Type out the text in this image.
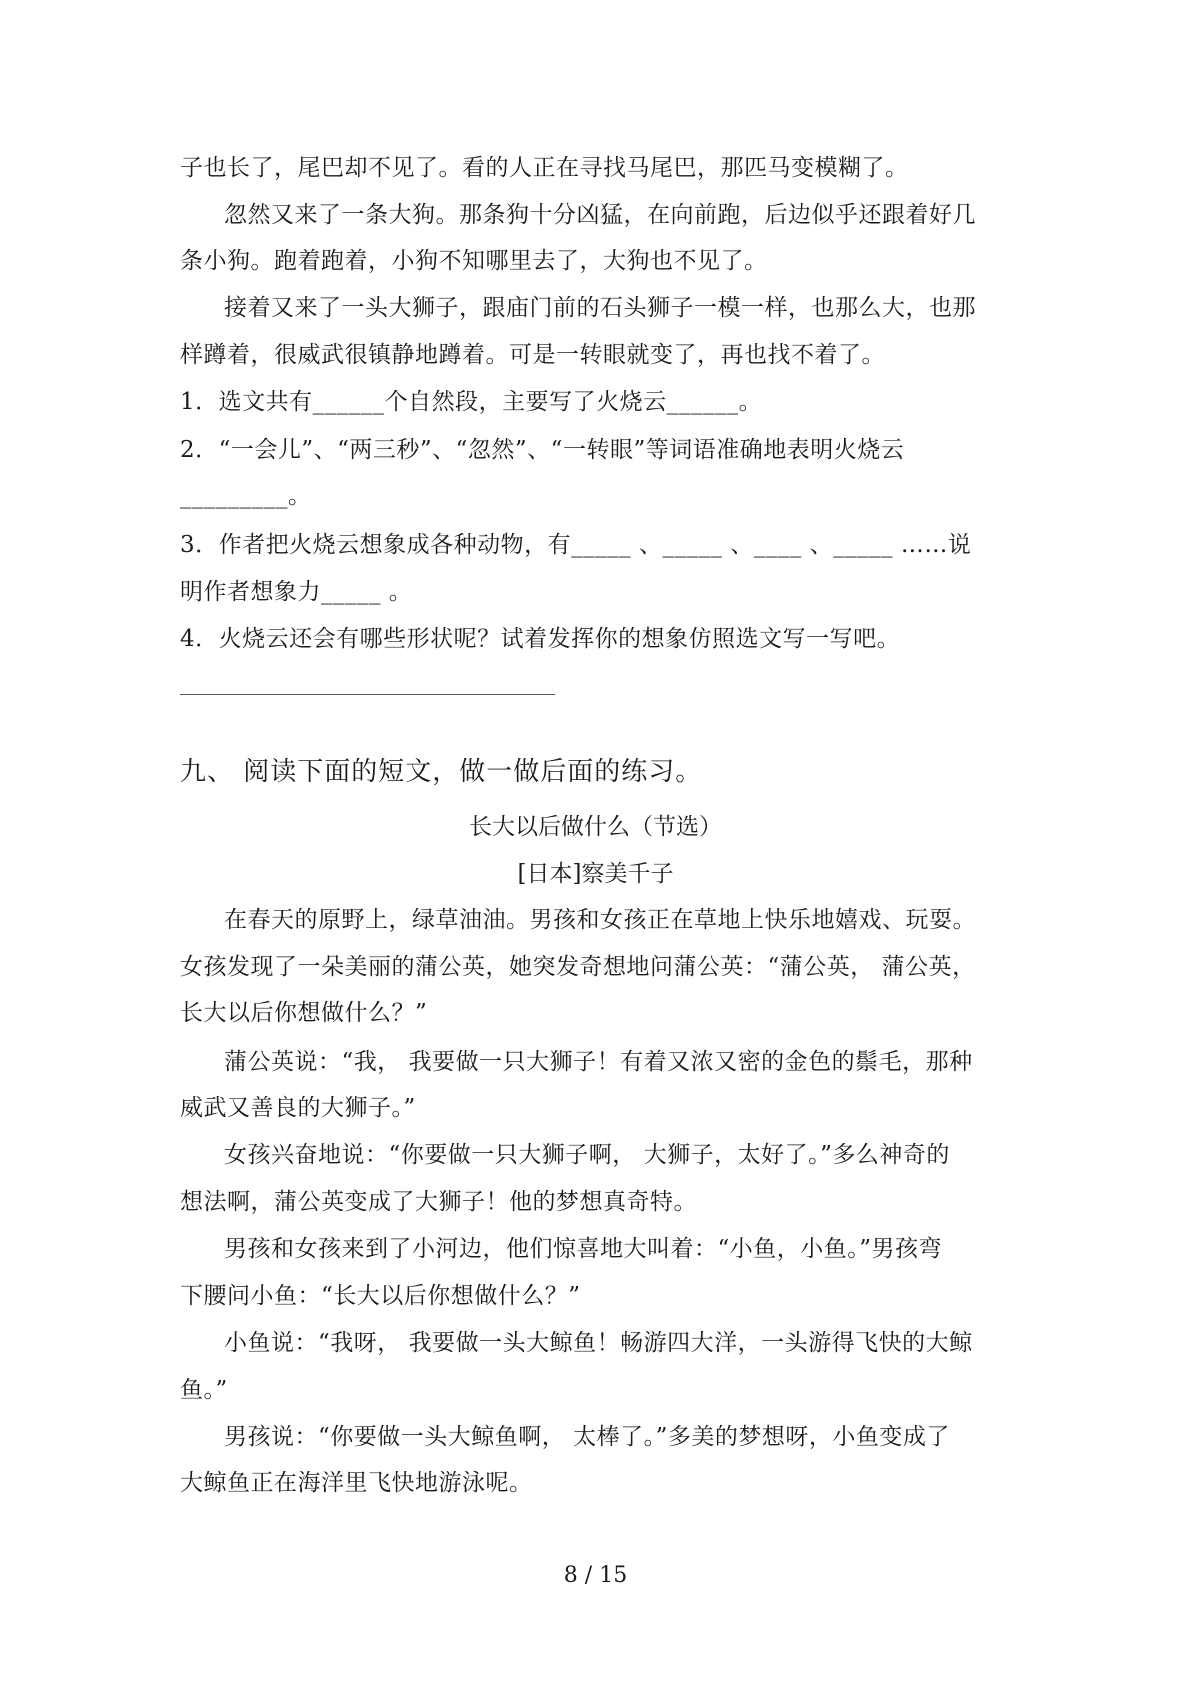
子也长了，尾巴却不见了。看的人正在寻找马尾巴，那匹马变模糊了。
忽然又来了一条大狗。那条狗十分凶猛，在向前跑，后边似乎还跟着好几
条小狗。跑着跑着，小狗不知哪里去了，大狗也不见了。
接着又来了一头大狮子，跟庙门前的石头狮子一模一样，也那么大，也那
样蹲着，很威武很镇静地蹲着。可是一转眼就变了，再也找不着了。
1．选文共有______个自然段，主要写了火烧云______。
2．“一会儿”、“两三秒”、“忽然”、“一转眼”等词语准确地表明火烧云
_________。
3．作者把火烧云想象成各种动物，有_____ 、_____ 、____ 、_____ ……说
明作者想象力_____ 。
4．火烧云还会有哪些形状呢？试着发挥你的想象仿照选文写一写吧。
九、 阅读下面的短文，做一做后面的练习。
长大以后做什么（节选）
[日本]察美千子
在春天的原野上，绿草油油。男孩和女孩正在草地上快乐地嬉戏、玩耍。
女孩发现了一朵美丽的蒲公英，她突发奇想地问蒲公英：“蒲公英， 蒲公英，
长大以后你想做什么？”
蒲公英说：“我， 我要做一只大狮子！有着又浓又密的金色的鬃毛，那种
威武又善良的大狮子。”
女孩兴奋地说：“你要做一只大狮子啊， 大狮子，太好了。”多么神奇的
想法啊，蒲公英变成了大狮子！他的梦想真奇特。
男孩和女孩来到了小河边，他们惊喜地大叫着：“小鱼，小鱼。”男孩弯
下腰问小鱼：“长大以后你想做什么？”
小鱼说：“我呀， 我要做一头大鲸鱼！畅游四大洋，一头游得飞快的大鲸
鱼。”
男孩说：“你要做一头大鲸鱼啊， 太棒了。”多美的梦想呀，小鱼变成了
大鲸鱼正在海洋里飞快地游泳呢。
8 / 15
